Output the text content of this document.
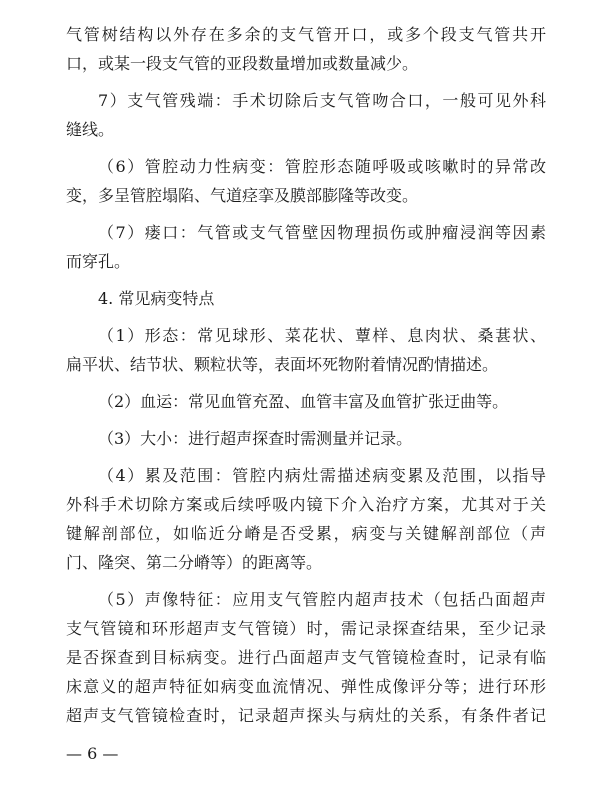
气管树结构以外存在多余的支气管开口，或多个段支气管共开
口，或某一段支气管的亚段数量增加或数量减少。
7）支气管残端：手术切除后支气管吻合口，一般可见外科
缝线。
（6）管腔动力性病变：管腔形态随呼吸或咳嗽时的异常改
变，多呈管腔塌陷、气道痉挛及膜部膨隆等改变。
（7）瘘口：气管或支气管壁因物理损伤或肿瘤浸润等因素
而穿孔。
4. 常见病变特点
（1）形态：常见球形、菜花状、蕈样、息肉状、桑葚状、
扁平状、结节状、颗粒状等，表面坏死物附着情况酌情描述。
（2）血运：常见血管充盈、血管丰富及血管扩张迂曲等。
（3）大小：进行超声探查时需测量并记录。
（4）累及范围：管腔内病灶需描述病变累及范围，以指导
外科手术切除方案或后续呼吸内镜下介入治疗方案，尤其对于关
键解剖部位，如临近分嵴是否受累，病变与关键解剖部位（声
门、隆突、第二分嵴等）的距离等。
（5）声像特征：应用支气管腔内超声技术（包括凸面超声
支气管镜和环形超声支气管镜）时，需记录探查结果，至少记录
是否探查到目标病变。进行凸面超声支气管镜检查时，记录有临
床意义的超声特征如病变血流情况、弹性成像评分等；进行环形
超声支气管镜检查时，记录超声探头与病灶的关系，有条件者记
— 6 —
